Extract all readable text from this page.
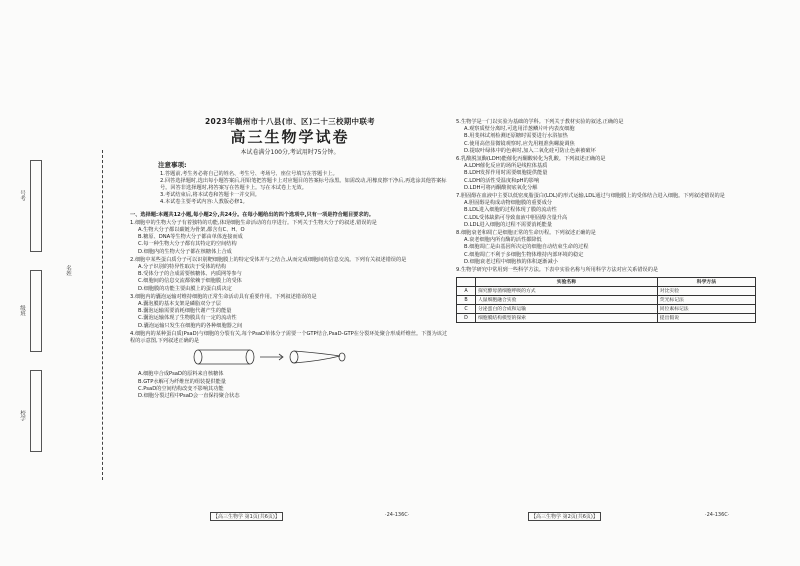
号考
名姓
级班
校学
2023年赣州市十八县(市、区)二十三校期中联考
高三生物学试卷
本试卷满分100分,考试用时75分钟。
注意事项:
1.答题前,考生务必将自己的姓名、考生号、考场号、座位号填写在答题卡上。
2.回答选择题时,选出每小题答案后,用铅笔把答题卡上对应题目的答案标号涂黑。如需改动,用橡皮擦干净后,再选涂其他答案标号。回答非选择题时,将答案写在答题卡上。写在本试卷上无效。
3.考试结束后,将本试卷和答题卡一并交回。
4.本试卷主要考试内容:人教版必修1。
一、选择题:本题共12小题,每小题2分,共24分。在每小题给出的四个选项中,只有一项是符合题目要求的。
1.细胞中的生物大分子有着独特的功能,体现细胞生命活动的有序进行。下列关于生物大分子的叙述,错误的是
A.生物大分子都以碳链为骨架,都含有C、H、O
B.糖原、DNA等生物大分子都由单体连接而成
C.每一种生物大分子都有其特定的空间结构
D.细胞内的生物大分子都在核糖体上合成
2.细胞中某些蛋白质分子可以识别靶细胞膜上的特定受体并与之结合,从而完成细胞间的信息交流。下列有关叙述错误的是
A.分子识别的特异性取决于受体的结构
B.受体分子的合成需要核糖体、内质网等参与
C.细胞间的信息交流都依赖于细胞膜上的受体
D.细胞膜的功能主要由膜上的蛋白质决定
3.细胞内的囊泡运输对维持细胞的正常生命活动具有重要作用。下列叙述错误的是
A.囊泡膜的基本支架是磷脂双分子层
B.囊泡运输需要消耗细胞代谢产生的能量
C.囊泡运输体现了生物膜具有一定的流动性
D.囊泡运输只发生在细胞内的各种细胞器之间
4.细胞内的某种蛋白质(PsaD)与细胞的分裂有关,每个PsaD单体分子需要一个GTP结合,PsaD-GTP在分裂环处聚合形成纤维丝。下图为该过程的示意图,下列叙述正确的是
A.细胞中合成PsaD的原料来自核糖体
B.GTP水解可为纤维丝的组装提供能量
C.PsaD的空间结构改变不影响其功能
D.细胞分裂过程中PsaD会一直保持聚合状态
【高三生物学 第1页(共6页)】	·24-136C·
5.生物学是一门以实验为基础的学科。下列关于教材实验的叙述,正确的是
A.观察质壁分离时,可选用洋葱鳞片叶内表皮细胞
B.用斐林试剂检测还原糖时需要进行水浴加热
C.使用高倍显微镜观察时,应先用粗准焦螺旋调焦
D.提取叶绿体中的色素时,加入二氧化硅可防止色素被破坏
6.乳酸脱氢酶(LDH)能催化丙酮酸转化为乳酸。下列叙述正确的是
A.LDH催化反应的场所是线粒体基质
B.LDH发挥作用时需要细胞提供能量
C.LDH的活性受温度和pH的影响
D.LDH可将丙酮酸彻底氧化分解
7.胆固醇在血液中主要以低密度脂蛋白(LDL)的形式运输,LDL通过与细胞膜上的受体结合进入细胞。下列叙述错误的是
A.胆固醇是构成动物细胞膜的重要成分
B.LDL进入细胞的过程体现了膜的流动性
C.LDL受体缺陷可导致血液中胆固醇含量升高
D.LDL进入细胞的过程不需要消耗能量
8.细胞衰老和凋亡是细胞正常的生命历程。下列叙述正确的是
A.衰老细胞内所有酶的活性都降低
B.细胞凋亡是由基因所决定的细胞自动结束生命的过程
C.细胞凋亡不利于多细胞生物体维持内部环境的稳定
D.细胞衰老过程中细胞核的体积逐渐减小
9.生物学研究中常用到一些科学方法。下表中实验名称与所用科学方法对应关系错误的是
	实验名称	科学方法
A	探究酵母菌细胞呼吸的方式	对比实验
B	人鼠细胞融合实验	荧光标记法
C	分泌蛋白的合成和运输	同位素标记法
D	细胞膜结构模型的探索	提出假说
【高三生物学 第2页(共6页)】	·24-136C·
